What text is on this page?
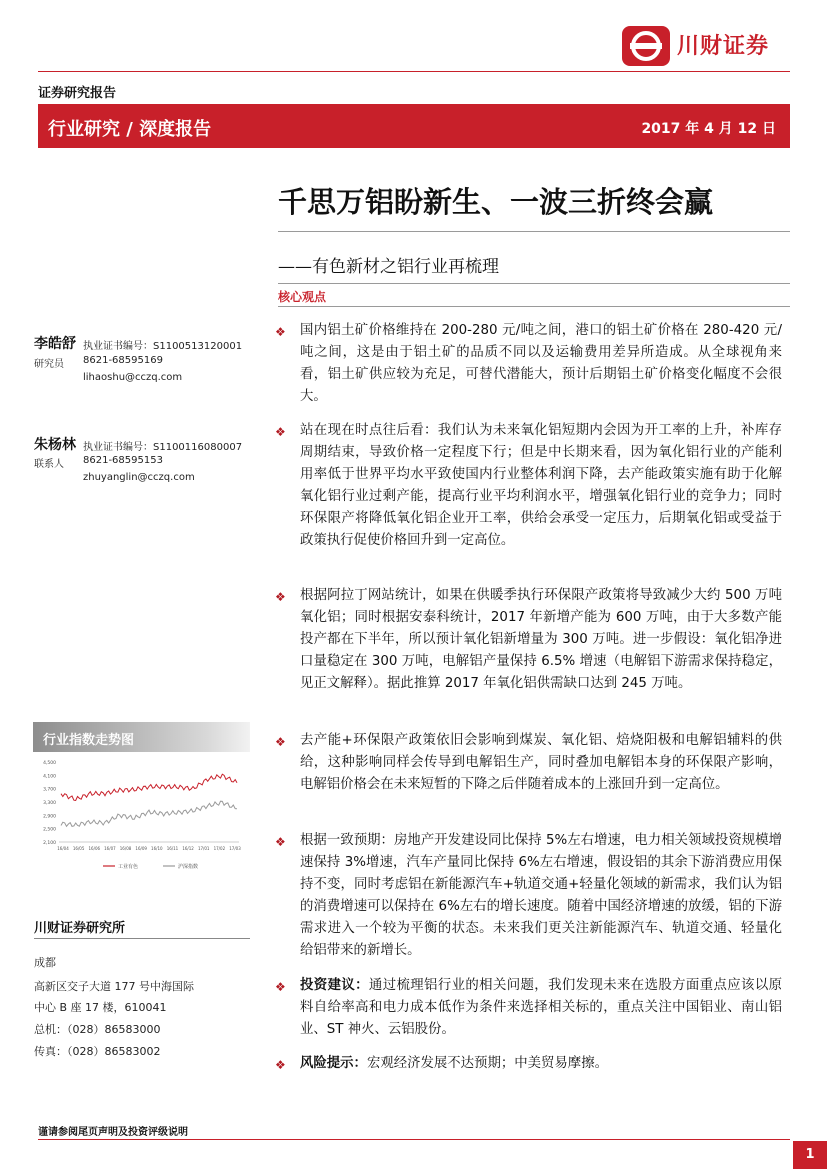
川财证券
证券研究报告
行业研究 / 深度报告	2017 年 4 月 12 日
千思万铝盼新生、一波三折终会赢
——有色新材之铝行业再梳理
核心观点
李皓舒
研究员
执业证书编号：S1100513120001
8621-68595169
lihaoshu@cczq.com
朱杨林
联系人
执业证书编号：S1100116080007
8621-68595153
zhuyanglin@cczq.com
行业指数走势图
4,500
4,100
3,700
3,300
2,900
2,500
2,100
16/04 16/05 16/06 16/07 16/08 16/09 16/10 16/11 16/12 17/01 17/02 17/03
工业有色	沪深指数
川财证券研究所
成都
高新区交子大道 177 号中海国际
中心 B 座 17 楼，610041
总机：（028）86583000
传真：（028）86583002
❖ 国内铝土矿价格维持在 200-280 元/吨之间，港口的铝土矿价格在 280-420 元/吨之间，这是由于铝土矿的品质不同以及运输费用差异所造成。从全球视角来看，铝土矿供应较为充足，可替代潜能大，预计后期铝土矿价格变化幅度不会很大。
❖ 站在现在时点往后看：我们认为未来氧化铝短期内会因为开工率的上升，补库存周期结束，导致价格一定程度下行；但是中长期来看，因为氧化铝行业的产能利用率低于世界平均水平致使国内行业整体利润下降，去产能政策实施有助于化解氧化铝行业过剩产能，提高行业平均利润水平，增强氧化铝行业的竞争力；同时环保限产将降低氧化铝企业开工率，供给会承受一定压力，后期氧化铝或受益于政策执行促使价格回升到一定高位。
❖ 根据阿拉丁网站统计，如果在供暖季执行环保限产政策将导致减少大约 500 万吨氧化铝；同时根据安泰科统计，2017 年新增产能为 600 万吨，由于大多数产能投产都在下半年，所以预计氧化铝新增量为 300 万吨。进一步假设：氧化铝净进口量稳定在 300 万吨，电解铝产量保持 6.5% 增速（电解铝下游需求保持稳定，见正文解释）。据此推算 2017 年氧化铝供需缺口达到 245 万吨。
❖ 去产能+环保限产政策依旧会影响到煤炭、氧化铝、焙烧阳极和电解铝辅料的供给，这种影响同样会传导到电解铝生产，同时叠加电解铝本身的环保限产影响，电解铝价格会在未来短暂的下降之后伴随着成本的上涨回升到一定高位。
❖ 根据一致预期：房地产开发建设同比保持 5%左右增速，电力相关领域投资规模增速保持 3%增速，汽车产量同比保持 6%左右增速，假设铝的其余下游消费应用保持不变，同时考虑铝在新能源汽车+轨道交通+轻量化领域的新需求，我们认为铝的消费增速可以保持在 6%左右的增长速度。随着中国经济增速的放缓，铝的下游需求进入一个较为平衡的状态。未来我们更关注新能源汽车、轨道交通、轻量化给铝带来的新增长。
❖ 投资建议：通过梳理铝行业的相关问题，我们发现未来在选股方面重点应该以原料自给率高和电力成本低作为条件来选择相关标的，重点关注中国铝业、南山铝业、ST 神火、云铝股份。
❖ 风险提示：宏观经济发展不达预期；中美贸易摩擦。
谨请参阅尾页声明及投资评级说明
1
